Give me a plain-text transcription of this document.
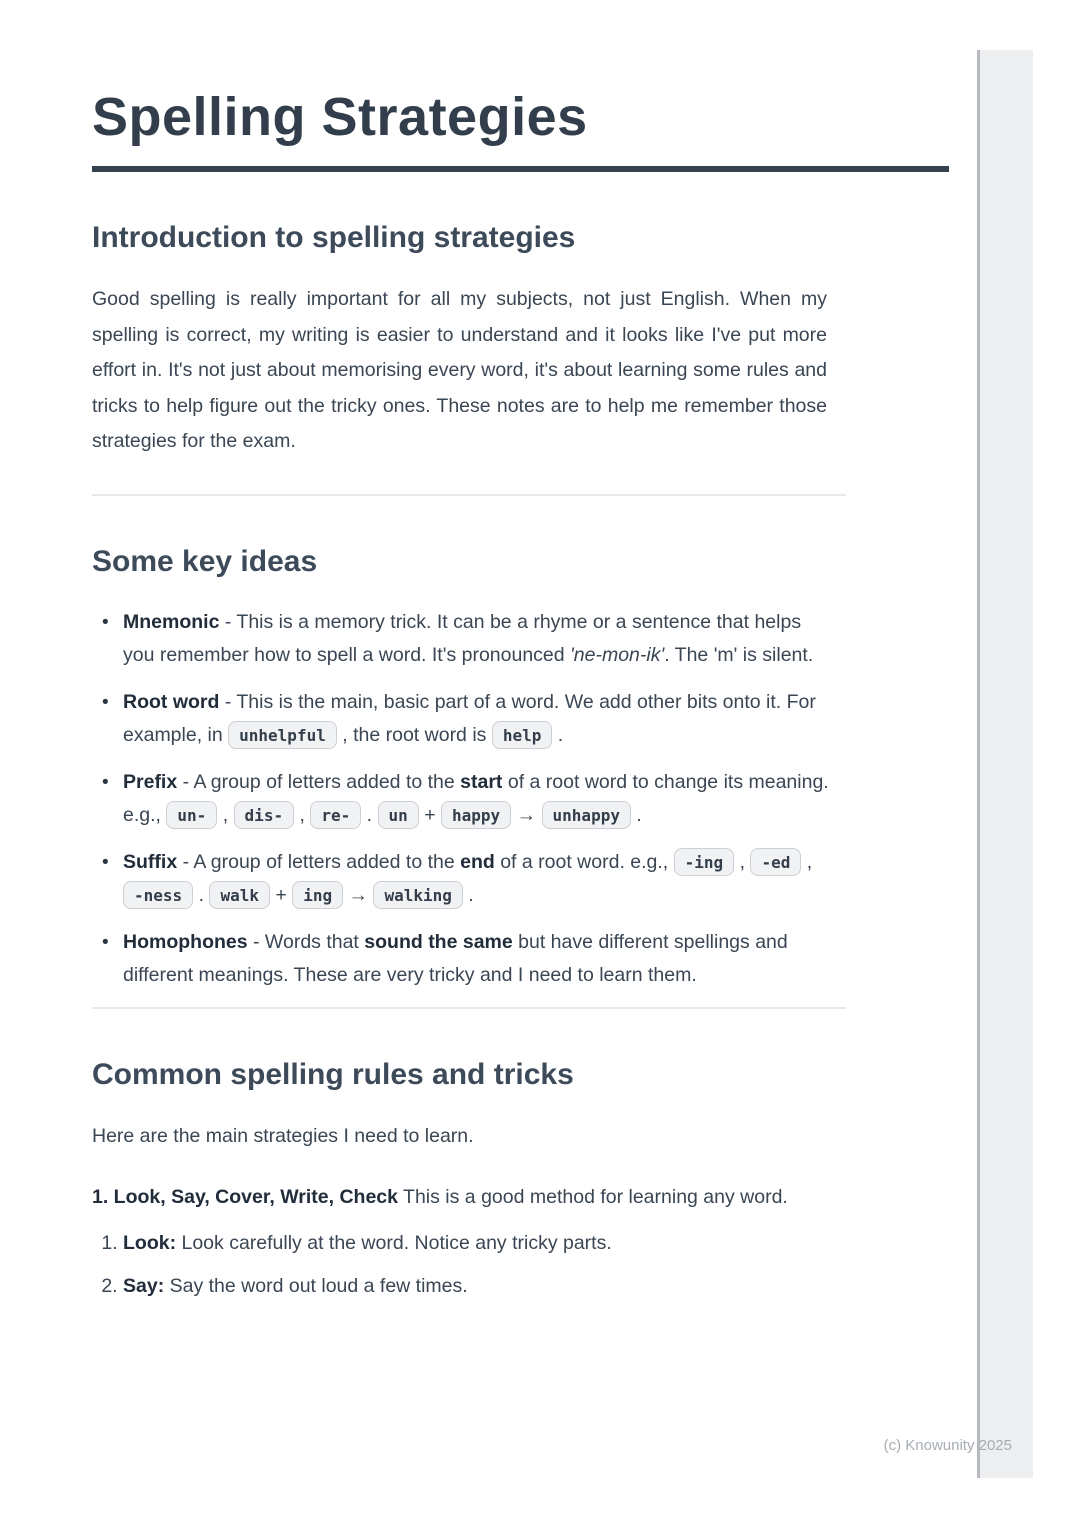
Spelling Strategies
Introduction to spelling strategies

Good spelling is really important for all my subjects, not just English. When my spelling is correct, my writing is easier to understand and it looks like I've put more effort in. It's not just about memorising every word, it's about learning some rules and tricks to help figure out the tricky ones. These notes are to help me remember those strategies for the exam.

Some key ideas
• Mnemonic - This is a memory trick. It can be a rhyme or a sentence that helps you remember how to spell a word. It's pronounced 'ne-mon-ik'. The 'm' is silent.
• Root word - This is the main, basic part of a word. We add other bits onto it. For example, in unhelpful , the root word is help .
• Prefix - A group of letters added to the start of a root word to change its meaning. e.g., un- , dis- , re- . un + happy → unhappy .
• Suffix - A group of letters added to the end of a root word. e.g., -ing , -ed , -ness . walk + ing → walking .
• Homophones - Words that sound the same but have different spellings and different meanings. These are very tricky and I need to learn them.
Common spelling rules and tricks

Here are the main strategies I need to learn.

1. Look, Say, Cover, Write, Check This is a good method for learning any word.

1. Look: Look carefully at the word. Notice any tricky parts.
2. Say: Say the word out loud a few times.
(c) Knowunity 2025
